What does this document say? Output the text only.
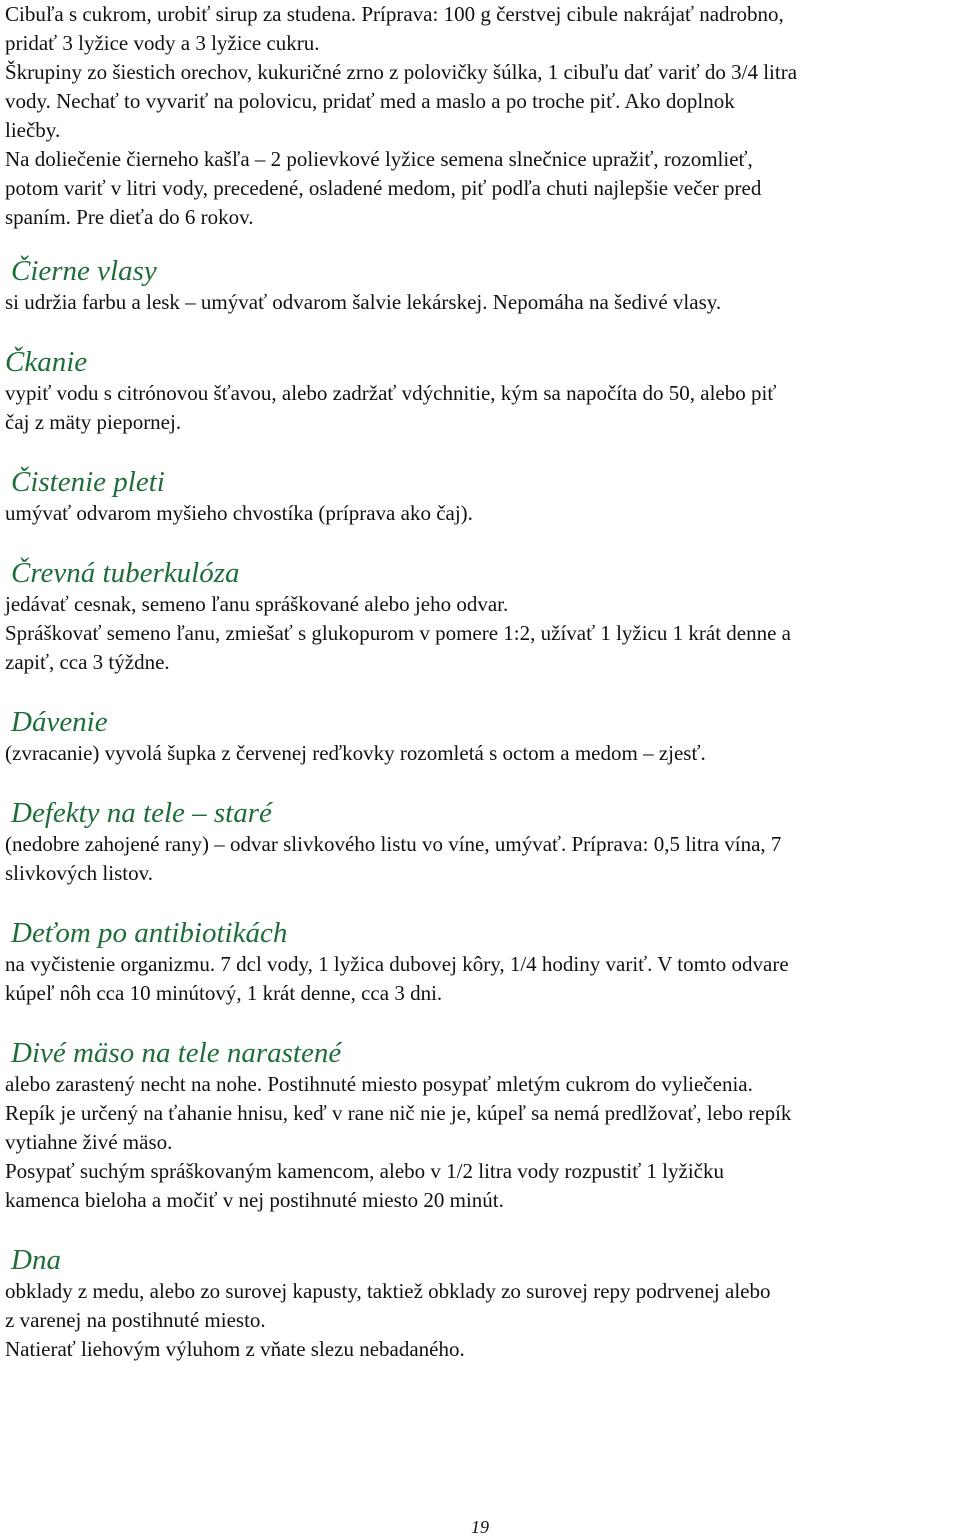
Cibuľa s cukrom, urobiť sirup za studena. Príprava: 100 g čerstvej cibule nakrájať nadrobno,

pridať 3 lyžice vody a 3 lyžice cukru.

Škrupiny zo šiestich orechov, kukuričné zrno z polovičky šúlka, 1 cibuľu dať variť do 3/4 litra

vody. Nechať to vyvariť na polovicu, pridať med a maslo a po troche piť. Ako doplnok

liečby.

Na doliečenie čierneho kašľa – 2 polievkové lyžice semena slnečnice upražiť, rozomlieť,

potom variť v litri vody, precedené, osladené medom, piť podľa chuti najlepšie večer pred

spaním. Pre dieťa do 6 rokov.

Čierne vlasy

si udržia farbu a lesk – umývať odvarom šalvie lekárskej. Nepomáha na šedivé vlasy.

Čkanie

vypiť vodu s citrónovou šťavou, alebo zadržať vdýchnitie, kým sa napočíta do 50, alebo piť

čaj z mäty piepornej.

Čistenie pleti

umývať odvarom myšieho chvostíka (príprava ako čaj).

Črevná tuberkulóza

jedávať cesnak, semeno ľanu spráškované alebo jeho odvar.

Spráškovať semeno ľanu, zmiešať s glukopurom v pomere 1:2, užívať 1 lyžicu 1 krát denne a

zapiť, cca 3 týždne.

Dávenie

(zvracanie) vyvolá šupka z červenej reďkovky rozomletá s octom a medom – zjesť.

Defekty na tele – staré

(nedobre zahojené rany) – odvar slivkového listu vo víne, umývať. Príprava: 0,5 litra vína, 7

slivkových listov.

Deťom po antibiotikách

na vyčistenie organizmu. 7 dcl vody, 1 lyžica dubovej kôry, 1/4 hodiny variť. V tomto odvare

kúpeľ nôh cca 10 minútový, 1 krát denne, cca 3 dni.

Divé mäso na tele narastené

alebo zarastený necht na nohe. Postihnuté miesto posypať mletým cukrom do vyliečenia.

Repík je určený na ťahanie hnisu, keď v rane nič nie je, kúpeľ sa nemá predlžovať, lebo repík

vytiahne živé mäso.

Posypať suchým spráškovaným kamencom, alebo v 1/2 litra vody rozpustiť 1 lyžičku

kamenca bieloha a močiť v nej postihnuté miesto 20 minút.

Dna

obklady z medu, alebo zo surovej kapusty, taktiež obklady zo surovej repy podrvenej alebo

z varenej na postihnuté miesto.

Natierať liehovým výluhom z vňate slezu nebadaného.

19
